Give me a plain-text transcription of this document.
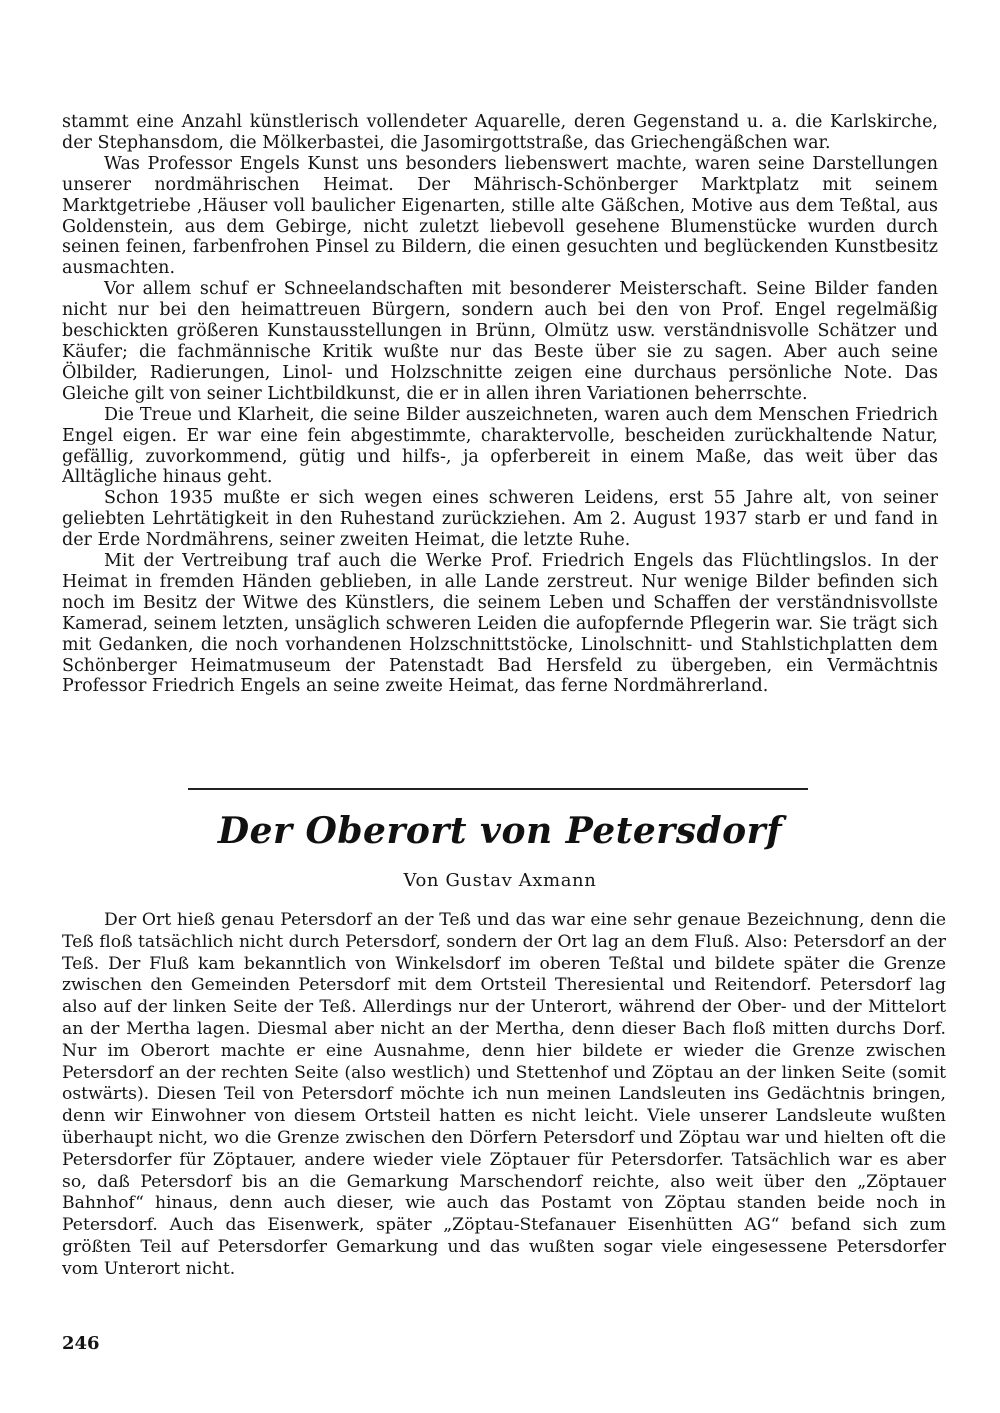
stammt eine Anzahl künstlerisch vollendeter Aquarelle, deren Gegenstand u. a. die Karlskirche, der Stephansdom, die Mölkerbastei, die Jasomirgottstraße, das Griechengäßchen war.

Was Professor Engels Kunst uns besonders liebenswert machte, waren seine Darstellungen unserer nordmährischen Heimat. Der Mährisch-Schönberger Marktplatz mit seinem Marktgetriebe ,Häuser voll baulicher Eigenarten, stille alte Gäßchen, Motive aus dem Teßtal, aus Goldenstein, aus dem Gebirge, nicht zuletzt liebevoll gesehene Blumenstücke wurden durch seinen feinen, farbenfrohen Pinsel zu Bildern, die einen gesuchten und beglückenden Kunstbesitz ausmachten.

Vor allem schuf er Schneelandschaften mit besonderer Meisterschaft. Seine Bilder fanden nicht nur bei den heimattreuen Bürgern, sondern auch bei den von Prof. Engel regelmäßig beschickten größeren Kunstausstellungen in Brünn, Olmütz usw. verständnisvolle Schätzer und Käufer; die fachmännische Kritik wußte nur das Beste über sie zu sagen. Aber auch seine Ölbilder, Radierungen, Linol- und Holzschnitte zeigen eine durchaus persönliche Note. Das Gleiche gilt von seiner Lichtbildkunst, die er in allen ihren Variationen beherrschte.

Die Treue und Klarheit, die seine Bilder auszeichneten, waren auch dem Menschen Friedrich Engel eigen. Er war eine fein abgestimmte, charaktervolle, bescheiden zurückhaltende Natur, gefällig, zuvorkommend, gütig und hilfs-, ja opferbereit in einem Maße, das weit über das Alltägliche hinaus geht.

Schon 1935 mußte er sich wegen eines schweren Leidens, erst 55 Jahre alt, von seiner geliebten Lehrtätigkeit in den Ruhestand zurückziehen. Am 2. August 1937 starb er und fand in der Erde Nordmährens, seiner zweiten Heimat, die letzte Ruhe.

Mit der Vertreibung traf auch die Werke Prof. Friedrich Engels das Flüchtlingslos. In der Heimat in fremden Händen geblieben, in alle Lande zerstreut. Nur wenige Bilder befinden sich noch im Besitz der Witwe des Künstlers, die seinem Leben und Schaffen der verständnisvollste Kamerad, seinem letzten, unsäglich schweren Leiden die aufopfernde Pflegerin war. Sie trägt sich mit Gedanken, die noch vorhandenen Holzschnittstöcke, Linolschnitt- und Stahlstichplatten dem Schönberger Heimatmuseum der Patenstadt Bad Hersfeld zu übergeben, ein Vermächtnis Professor Friedrich Engels an seine zweite Heimat, das ferne Nordmährerland.

Der Oberort von Petersdorf
Von Gustav Axmann

Der Ort hieß genau Petersdorf an der Teß und das war eine sehr genaue Bezeichnung, denn die Teß floß tatsächlich nicht durch Petersdorf, sondern der Ort lag an dem Fluß. Also: Petersdorf an der Teß. Der Fluß kam bekanntlich von Winkelsdorf im oberen Teßtal und bildete später die Grenze zwischen den Gemeinden Petersdorf mit dem Ortsteil Theresiental und Reitendorf. Petersdorf lag also auf der linken Seite der Teß. Allerdings nur der Unterort, während der Ober- und der Mittelort an der Mertha lagen. Diesmal aber nicht an der Mertha, denn dieser Bach floß mitten durchs Dorf. Nur im Oberort machte er eine Ausnahme, denn hier bildete er wieder die Grenze zwischen Petersdorf an der rechten Seite (also westlich) und Stettenhof und Zöptau an der linken Seite (somit ostwärts). Diesen Teil von Petersdorf möchte ich nun meinen Landsleuten ins Gedächtnis bringen, denn wir Einwohner von diesem Ortsteil hatten es nicht leicht. Viele unserer Landsleute wußten überhaupt nicht, wo die Grenze zwischen den Dörfern Petersdorf und Zöptau war und hielten oft die Petersdorfer für Zöptauer, andere wieder viele Zöptauer für Petersdorfer. Tatsächlich war es aber so, daß Petersdorf bis an die Gemarkung Marschendorf reichte, also weit über den „Zöptauer Bahnhof“ hinaus, denn auch dieser, wie auch das Postamt von Zöptau standen beide noch in Petersdorf. Auch das Eisenwerk, später „Zöptau-Stefanauer Eisenhütten AG“ befand sich zum größten Teil auf Petersdorfer Gemarkung und das wußten sogar viele eingesessene Petersdorfer vom Unterort nicht.

246
